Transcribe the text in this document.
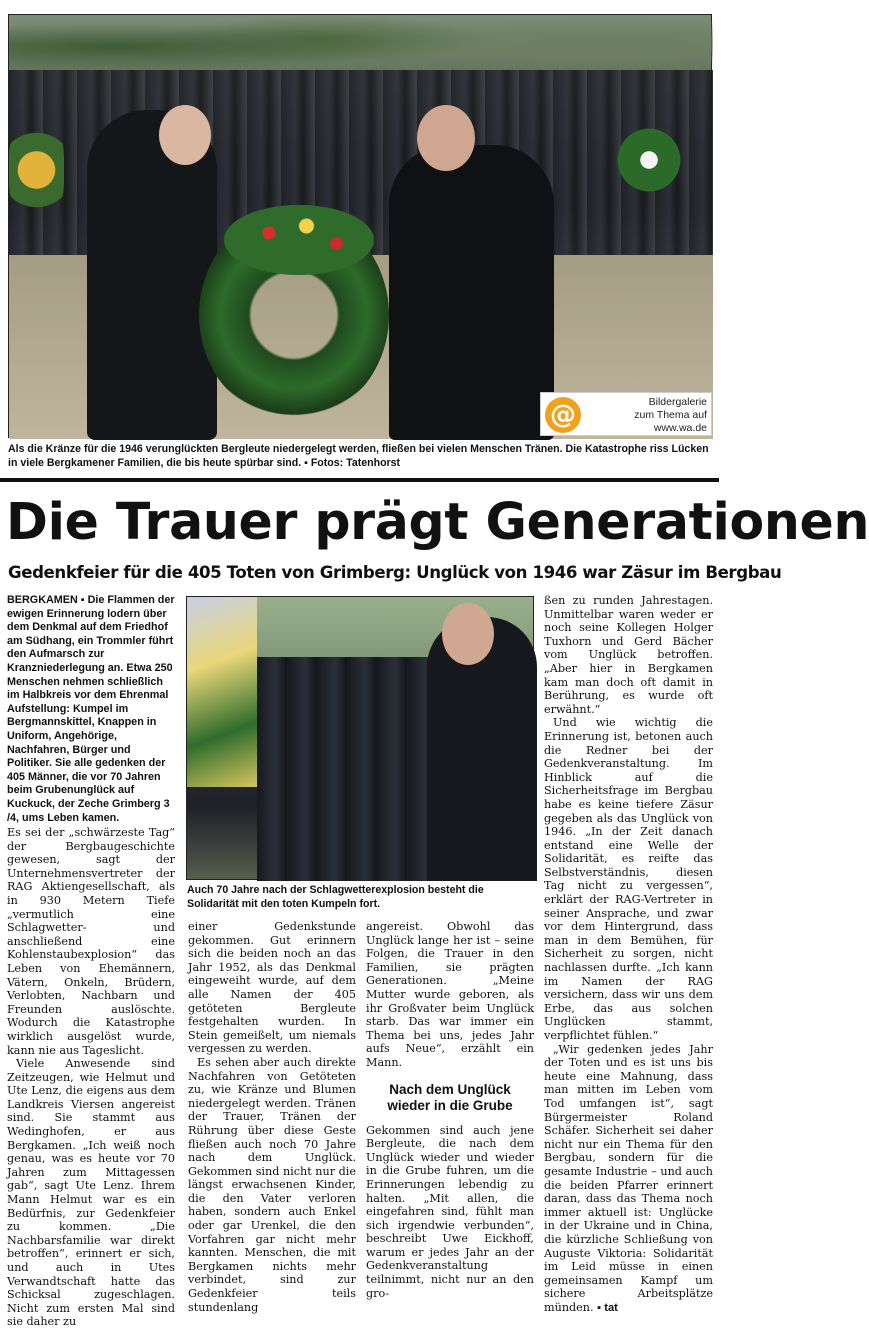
@	Bildergalerie
zum Thema auf
www.wa.de
Als die Kränze für die 1946 verunglückten Bergleute niedergelegt werden, fließen bei vielen Menschen Tränen. Die Katastrophe riss Lücken in viele Bergkamener Familien, die bis heute spürbar sind. ▪ Fotos: Tatenhorst
Die Trauer prägt Generationen
Gedenkfeier für die 405 Toten von Grimberg: Unglück von 1946 war Zäsur im Bergbau

BERGKAMEN ▪ Die Flammen der ewigen Erinnerung lodern über dem Denkmal auf dem Friedhof am Südhang, ein Trommler führt den Aufmarsch zur Kranzniederlegung an. Etwa 250 Menschen nehmen schließlich im Halbkreis vor dem Ehrenmal Aufstellung: Kumpel im Bergmannskittel, Knappen in Uniform, Angehörige, Nachfahren, Bürger und Politiker. Sie alle gedenken der 405 Männer, die vor 70 Jahren beim Grubenunglück auf Kuckuck, der Zeche Grimberg 3 /4, ums Leben kamen.

Es sei der „schwärzeste Tag“ der Bergbaugeschichte gewesen, sagt der Unternehmensvertreter der RAG Aktiengesellschaft, als in 930 Metern Tiefe „vermutlich eine Schlagwetter- und anschließend eine Kohlenstaubexplosion“ das Leben von Ehemännern, Vätern, Onkeln, Brüdern, Verlobten, Nachbarn und Freunden auslöschte. Wodurch die Katastrophe wirklich ausgelöst wurde, kann nie aus Tageslicht.

Viele Anwesende sind Zeitzeugen, wie Helmut und Ute Lenz, die eigens aus dem Landkreis Viersen angereist sind. Sie stammt aus Wedinghofen, er aus Bergkamen. „Ich weiß noch genau, was es heute vor 70 Jahren zum Mittagessen gab“, sagt Ute Lenz. Ihrem Mann Helmut war es ein Bedürfnis, zur Gedenkfeier zu kommen. „Die Nachbarsfamilie war direkt betroffen“, erinnert er sich, und auch in Utes Verwandtschaft hatte das Schicksal zugeschlagen. Nicht zum ersten Mal sind sie daher zu

Auch 70 Jahre nach der Schlagwetterexplosion besteht die Solidarität mit den toten Kumpeln fort.

einer Gedenkstunde gekommen. Gut erinnern sich die beiden noch an das Jahr 1952, als das Denkmal eingeweiht wurde, auf dem alle Namen der 405 getöteten Bergleute festgehalten wurden. In Stein gemeißelt, um niemals vergessen zu werden.

Es sehen aber auch direkte Nachfahren von Getöteten zu, wie Kränze und Blumen niedergelegt werden. Tränen der Trauer, Tränen der Rührung über diese Geste fließen auch noch 70 Jahre nach dem Unglück. Gekommen sind nicht nur die längst erwachsenen Kinder, die den Vater verloren haben, sondern auch Enkel oder gar Urenkel, die den Vorfahren gar nicht mehr kannten. Menschen, die mit Bergkamen nichts mehr verbindet, sind zur Gedenkfeier teils stundenlang

angereist. Obwohl das Unglück lange her ist – seine Folgen, die Trauer in den Familien, sie prägten Generationen. „Meine Mutter wurde geboren, als ihr Großvater beim Unglück starb. Das war immer ein Thema bei uns, jedes Jahr aufs Neue“, erzählt ein Mann.

Nach dem Unglück wieder in die Grube

Gekommen sind auch jene Bergleute, die nach dem Unglück wieder und wieder in die Grube fuhren, um die Erinnerungen lebendig zu halten. „Mit allen, die eingefahren sind, fühlt man sich irgendwie verbunden“, beschreibt Uwe Eickhoff, warum er jedes Jahr an der Gedenkveranstaltung teilnimmt, nicht nur an den gro-

ßen zu runden Jahrestagen. Unmittelbar waren weder er noch seine Kollegen Holger Tuxhorn und Gerd Bächer vom Unglück betroffen. „Aber hier in Bergkamen kam man doch oft damit in Berührung, es wurde oft erwähnt.“

Und wie wichtig die Erinnerung ist, betonen auch die Redner bei der Gedenkveranstaltung. Im Hinblick auf die Sicherheitsfrage im Bergbau habe es keine tiefere Zäsur gegeben als das Unglück von 1946. „In der Zeit danach entstand eine Welle der Solidarität, es reifte das Selbstverständnis, diesen Tag nicht zu vergessen“, erklärt der RAG-Vertreter in seiner Ansprache, und zwar vor dem Hintergrund, dass man in dem Bemühen, für Sicherheit zu sorgen, nicht nachlassen durfte. „Ich kann im Namen der RAG versichern, dass wir uns dem Erbe, das aus solchen Unglücken stammt, verpflichtet fühlen.“

„Wir gedenken jedes Jahr der Toten und es ist uns bis heute eine Mahnung, dass man mitten im Leben vom Tod umfangen ist“, sagt Bürgermeister Roland Schäfer. Sicherheit sei daher nicht nur ein Thema für den Bergbau, sondern für die gesamte Industrie – und auch die beiden Pfarrer erinnert daran, dass das Thema noch immer aktuell ist: Unglücke in der Ukraine und in China, die kürzliche Schließung von Auguste Viktoria: Solidarität im Leid müsse in einen gemeinsamen Kampf um sichere Arbeitsplätze münden. ▪ tat
